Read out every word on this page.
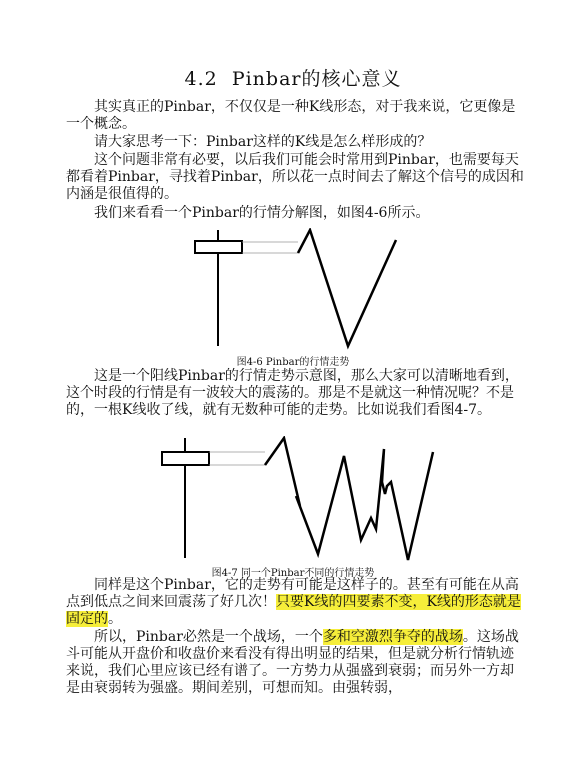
4.2 Pinbar的核心意义

其实真正的Pinbar，不仅仅是一种K线形态，对于我来说，它更像是一个概念。

请大家思考一下：Pinbar这样的K线是怎么样形成的？

这个问题非常有必要，以后我们可能会时常用到Pinbar，也需要每天都看着Pinbar，寻找着Pinbar，所以花一点时间去了解这个信号的成因和内涵是很值得的。

我们来看看一个Pinbar的行情分解图，如图4-6所示。

图4-6 Pinbar的行情走势

这是一个阳线Pinbar的行情走势示意图，那么大家可以清晰地看到，这个时段的行情是有一波较大的震荡的。那是不是就这一种情况呢？不是的，一根K线收了线，就有无数种可能的走势。比如说我们看图4-7。

图4-7 同一个Pinbar不同的行情走势

同样是这个Pinbar，它的走势有可能是这样子的。甚至有可能在从高点到低点之间来回震荡了好几次！只要K线的四要素不变，K线的形态就是固定的。

所以，Pinbar必然是一个战场，一个多和空激烈争夺的战场。这场战斗可能从开盘价和收盘价来看没有得出明显的结果，但是就分析行情轨迹来说，我们心里应该已经有谱了。一方势力从强盛到衰弱；而另外一方却是由衰弱转为强盛。期间差别，可想而知。由强转弱，
